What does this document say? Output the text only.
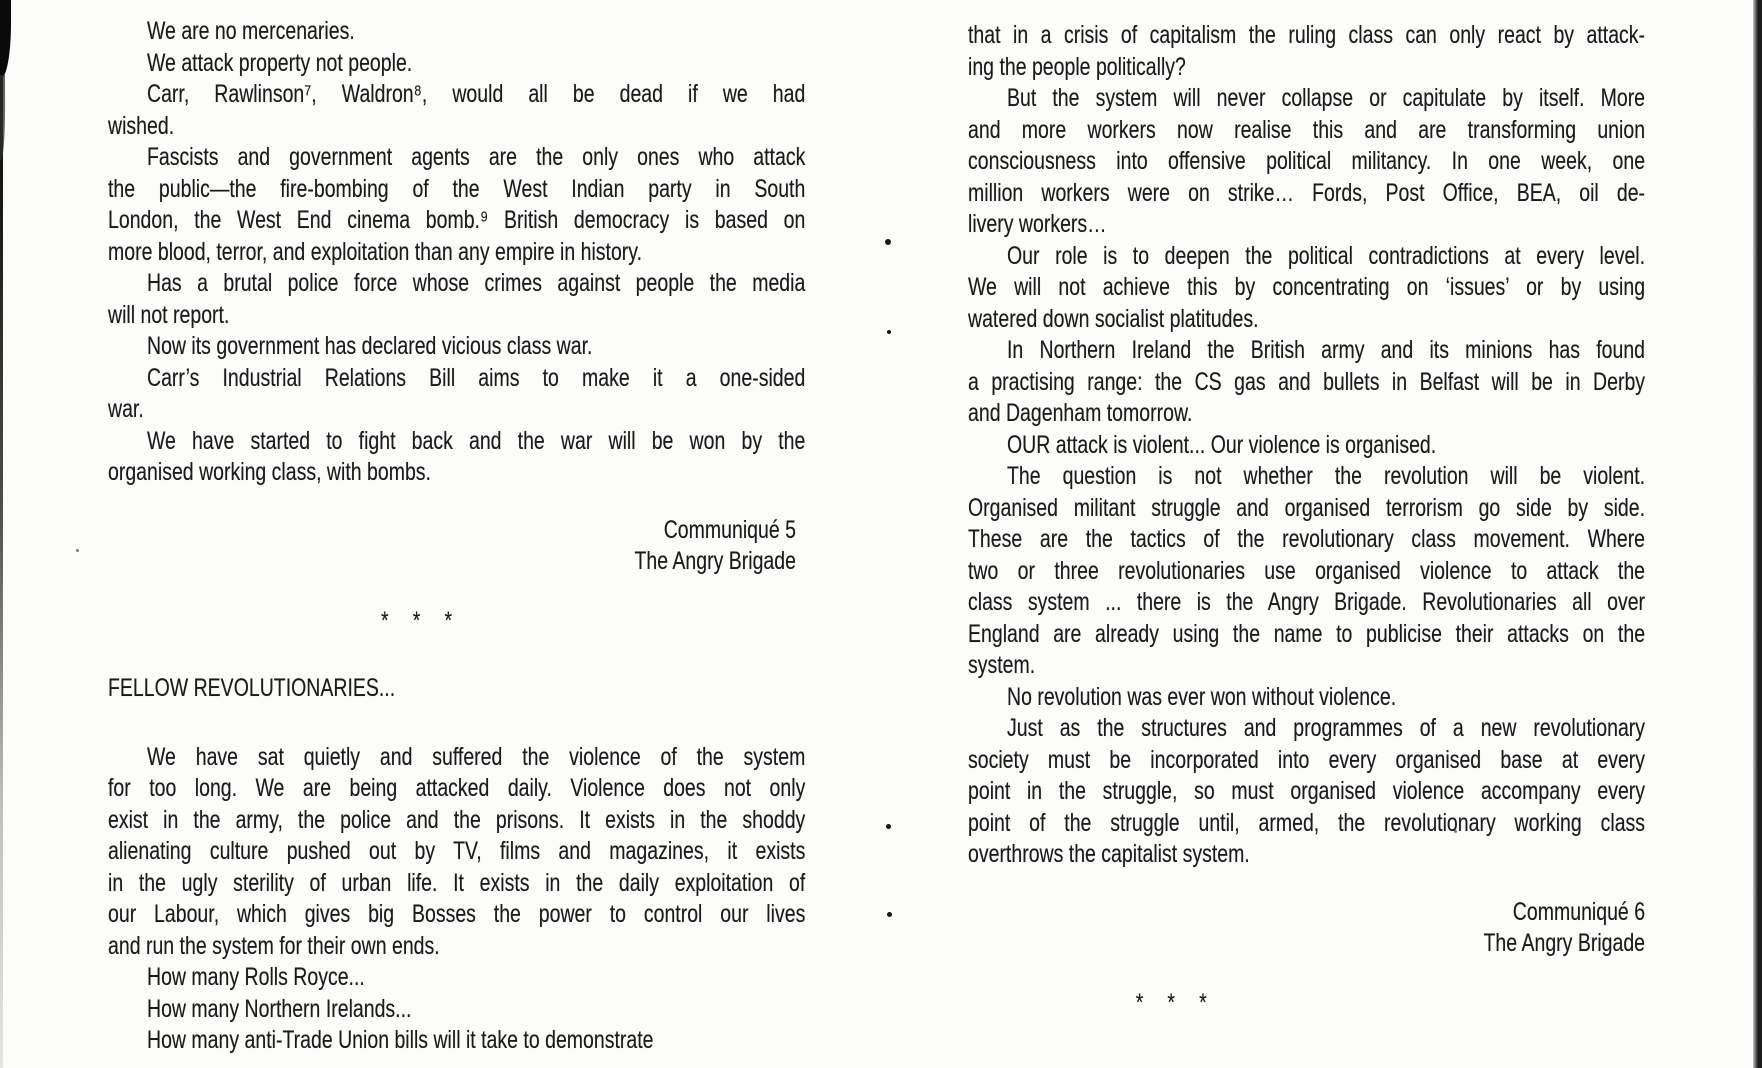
We are no mercenaries.
We attack property not people.
Carr, Rawlinson⁷, Waldron⁸, would all be dead if we had
wished.
Fascists and government agents are the only ones who attack
the public—the fire-bombing of the West Indian party in South
London, the West End cinema bomb.⁹ British democracy is based on
more blood, terror, and exploitation than any empire in history.
Has a brutal police force whose crimes against people the media
will not report.
Now its government has declared vicious class war.
Carr’s Industrial Relations Bill aims to make it a one-sided
war.
We have started to fight back and the war will be won by the
organised working class, with bombs.
Communiqué 5
The Angry Brigade
* * *
FELLOW REVOLUTIONARIES...
We have sat quietly and suffered the violence of the system
for too long. We are being attacked daily. Violence does not only
exist in the army, the police and the prisons. It exists in the shoddy
alienating culture pushed out by TV, films and magazines, it exists
in the ugly sterility of urban life. It exists in the daily exploitation of
our Labour, which gives big Bosses the power to control our lives
and run the system for their own ends.
How many Rolls Royce...
How many Northern Irelands...
How many anti-Trade Union bills will it take to demonstrate
that in a crisis of capitalism the ruling class can only react by attack-
ing the people politically?
But the system will never collapse or capitulate by itself. More
and more workers now realise this and are transforming union
consciousness into offensive political militancy. In one week, one
million workers were on strike… Fords, Post Office, BEA, oil de-
livery workers…
Our role is to deepen the political contradictions at every level.
We will not achieve this by concentrating on ‘issues’ or by using
watered down socialist platitudes.
In Northern Ireland the British army and its minions has found
a practising range: the CS gas and bullets in Belfast will be in Derby
and Dagenham tomorrow.
OUR attack is violent... Our violence is organised.
The question is not whether the revolution will be violent.
Organised militant struggle and organised terrorism go side by side.
These are the tactics of the revolutionary class movement. Where
two or three revolutionaries use organised violence to attack the
class system ... there is the Angry Brigade. Revolutionaries all over
England are already using the name to publicise their attacks on the
system.
No revolution was ever won without violence.
Just as the structures and programmes of a new revolutionary
society must be incorporated into every organised base at every
point in the struggle, so must organised violence accompany every
point of the struggle until, armed, the revolutionary working class
overthrows the capitalist system.
Communiqué 6
The Angry Brigade
* * *
